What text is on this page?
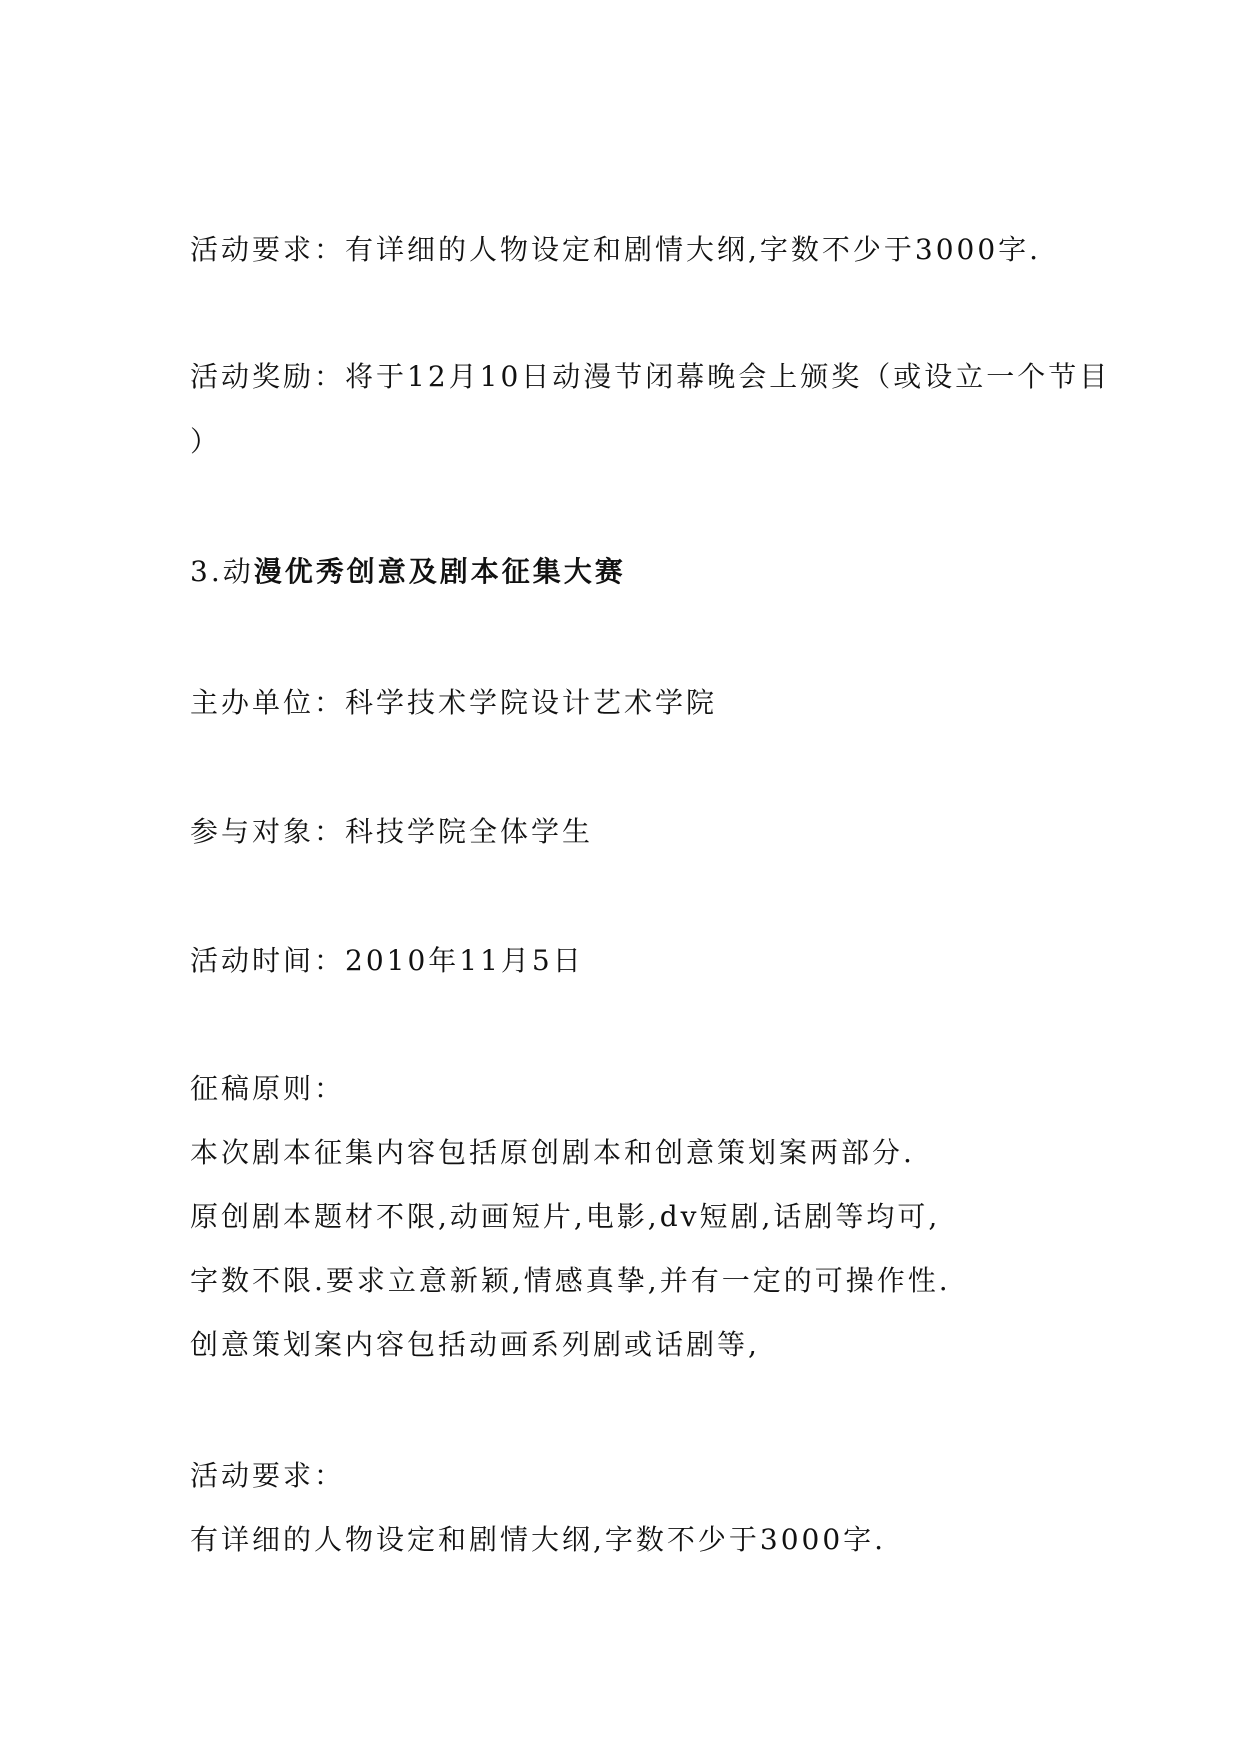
活动要求：有详细的人物设定和剧情大纲,字数不少于3000字.
活动奖励：将于12月10日动漫节闭幕晚会上颁奖（或设立一个节目
）
3.动漫优秀创意及剧本征集大赛
主办单位：科学技术学院设计艺术学院
参与对象：科技学院全体学生
活动时间：2010年11月5日
征稿原则：
本次剧本征集内容包括原创剧本和创意策划案两部分.
原创剧本题材不限,动画短片,电影,dv短剧,话剧等均可,
字数不限.要求立意新颖,情感真挚,并有一定的可操作性.
创意策划案内容包括动画系列剧或话剧等,
活动要求：
有详细的人物设定和剧情大纲,字数不少于3000字.
